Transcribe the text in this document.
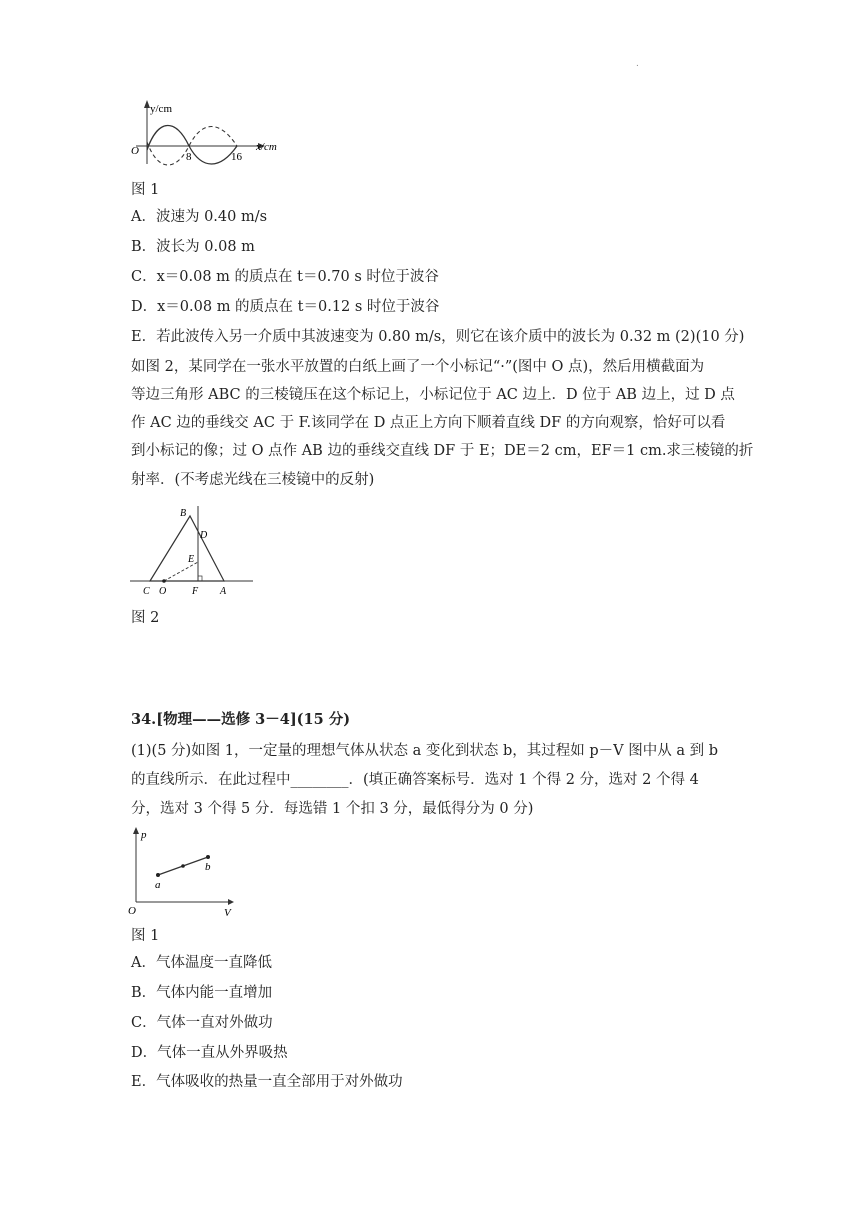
.
y/cm
x/cm
O	8	16
图 1
A．波速为 0.40 m/s
B．波长为 0.08 m
C．x＝0.08 m 的质点在 t＝0.70 s 时位于波谷
D．x＝0.08 m 的质点在 t＝0.12 s 时位于波谷
E．若此波传入另一介质中其波速变为 0.80 m/s，则它在该介质中的波长为 0.32 m (2)(10 分)
如图 2，某同学在一张水平放置的白纸上画了一个小标记“·”(图中 O 点)，然后用横截面为
等边三角形 ABC 的三棱镜压在这个标记上，小标记位于 AC 边上．D 位于 AB 边上，过 D 点
作 AC 边的垂线交 AC 于 F.该同学在 D 点正上方向下顺着直线 DF 的方向观察，恰好可以看
到小标记的像；过 O 点作 AB 边的垂线交直线 DF 于 E；DE＝2 cm，EF＝1 cm.求三棱镜的折
射率．(不考虑光线在三棱镜中的反射)
B
D
E
C O	F A
图 2
34.[物理——选修 3－4](15 分)
(1)(5 分)如图 1，一定量的理想气体从状态 a 变化到状态 b，其过程如 p－V 图中从 a 到 b
的直线所示．在此过程中________．(填正确答案标号．选对 1 个得 2 分，选对 2 个得 4
分，选对 3 个得 5 分．每选错 1 个扣 3 分，最低得分为 0 分)
p
V
O
a
b
图 1
A．气体温度一直降低
B．气体内能一直增加
C．气体一直对外做功
D．气体一直从外界吸热
E．气体吸收的热量一直全部用于对外做功
